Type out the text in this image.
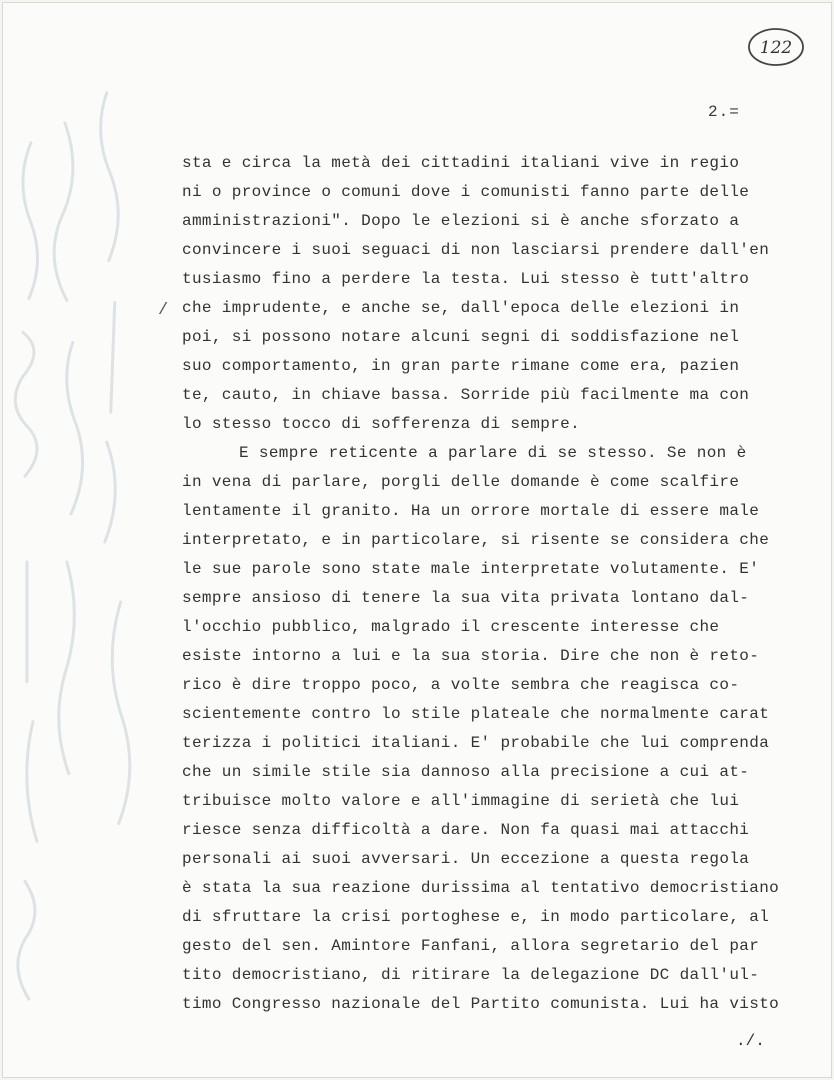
122
2.=
/
sta e circa la metà dei cittadini italiani vive in regio
ni o province o comuni dove i comunisti fanno parte delle
amministrazioni". Dopo le elezioni si è anche sforzato a
convincere i suoi seguaci di non lasciarsi prendere dall'en
tusiasmo fino a perdere la testa. Lui stesso è tutt'altro
che imprudente, e anche se, dall'epoca delle elezioni in
poi, si possono notare alcuni segni di soddisfazione nel
suo comportamento, in gran parte rimane come era, pazien
te, cauto, in chiave bassa. Sorride più facilmente ma con
lo stesso tocco di sofferenza di sempre.
E sempre reticente a parlare di se stesso. Se non è
in vena di parlare, porgli delle domande è come scalfire
lentamente il granito. Ha un orrore mortale di essere male
interpretato, e in particolare, si risente se considera che
le sue parole sono state male interpretate volutamente. E'
sempre ansioso di tenere la sua vita privata lontano dal-
l'occhio pubblico, malgrado il crescente interesse che
esiste intorno a lui e la sua storia. Dire che non è reto-
rico è dire troppo poco, a volte sembra che reagisca co-
scientemente contro lo stile plateale che normalmente carat
terizza i politici italiani. E' probabile che lui comprenda
che un simile stile sia dannoso alla precisione a cui at-
tribuisce molto valore e all'immagine di serietà che lui
riesce senza difficoltà a dare. Non fa quasi mai attacchi
personali ai suoi avversari. Un eccezione a questa regola
è stata la sua reazione durissima al tentativo democristiano
di sfruttare la crisi portoghese e, in modo particolare, al
gesto del sen. Amintore Fanfani, allora segretario del par
tito democristiano, di ritirare la delegazione DC dall'ul-
timo Congresso nazionale del Partito comunista. Lui ha visto
./.
